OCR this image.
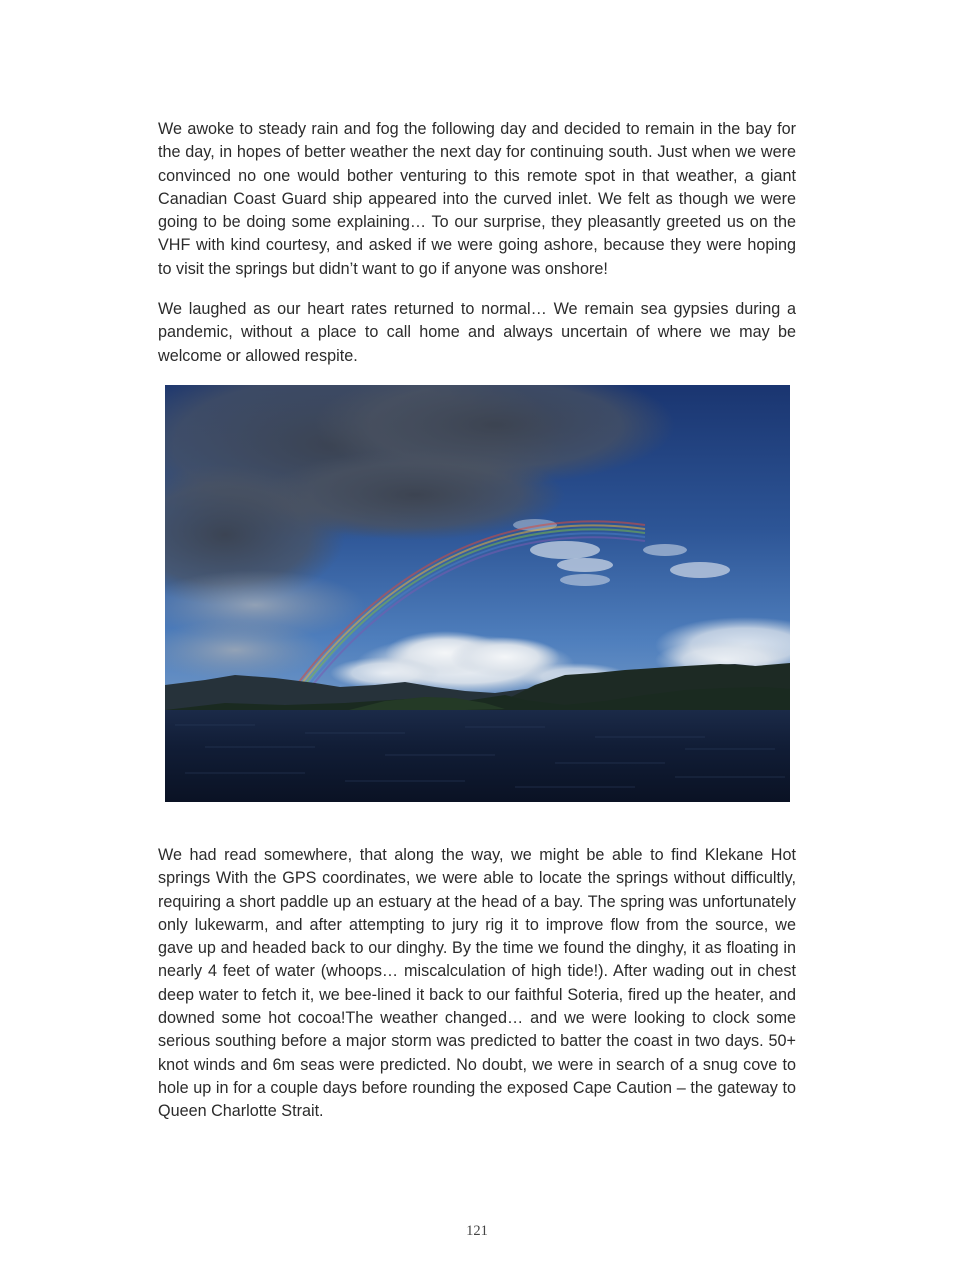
We awoke to steady rain and fog the following day and decided to remain in the bay for the day, in hopes of better weather the next day for continuing south. Just when we were convinced no one would bother venturing to this remote spot in that weather, a giant Canadian Coast Guard ship appeared into the curved inlet. We felt as though we were going to be doing some explaining… To our surprise, they pleasantly greeted us on the VHF with kind courtesy, and asked if we were going ashore, because they were hoping to visit the springs but didn’t want to go if anyone was onshore!

We laughed as our heart rates returned to normal… We remain sea gypsies during a pandemic, without a place to call home and always uncertain of where we may be welcome or allowed respite.

We had read somewhere, that along the way, we might be able to find Klekane Hot springs With the GPS coordinates, we were able to locate the springs without difficultly, requiring a short paddle up an estuary at the head of a bay. The spring was unfortunately only lukewarm, and after attempting to jury rig it to improve flow from the source, we gave up and headed back to our dinghy. By the time we found the dinghy, it as floating in nearly 4 feet of water (whoops… miscalculation of high tide!). After wading out in chest deep water to fetch it, we bee-lined it back to our faithful Soteria, fired up the heater, and downed some hot cocoa!The weather changed… and we were looking to clock some serious southing before a major storm was predicted to batter the coast in two days. 50+ knot winds and 6m seas were predicted. No doubt, we were in search of a snug cove to hole up in for a couple days before rounding the exposed Cape Caution – the gateway to Queen Charlotte Strait.

121
